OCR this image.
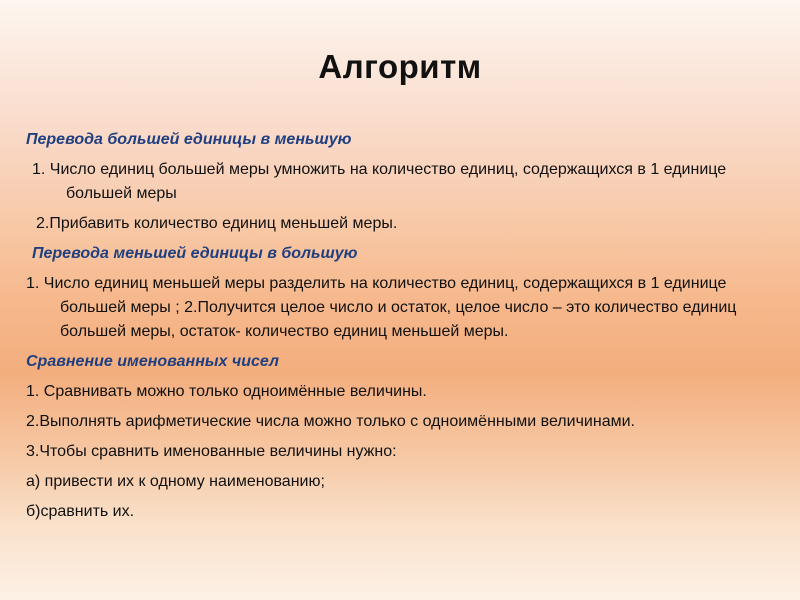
Алгоритм
Перевода большей единицы в меньшую
1. Число единиц большей меры умножить на количество единиц, содержащихся в 1 единице большей меры
2.Прибавить количество единиц меньшей меры.
Перевода меньшей единицы в большую
1. Число единиц меньшей меры разделить на количество единиц, содержащихся в 1 единице большей меры ; 2.Получится целое число и остаток, целое число – это количество единиц большей меры, остаток- количество единиц меньшей меры.
Сравнение именованных чисел
1. Сравнивать можно только одноимённые величины.
2.Выполнять арифметические числа можно только с одноимёнными величинами.
3.Чтобы сравнить именованные величины нужно:
а) привести их к одному наименованию;
б)сравнить их.
